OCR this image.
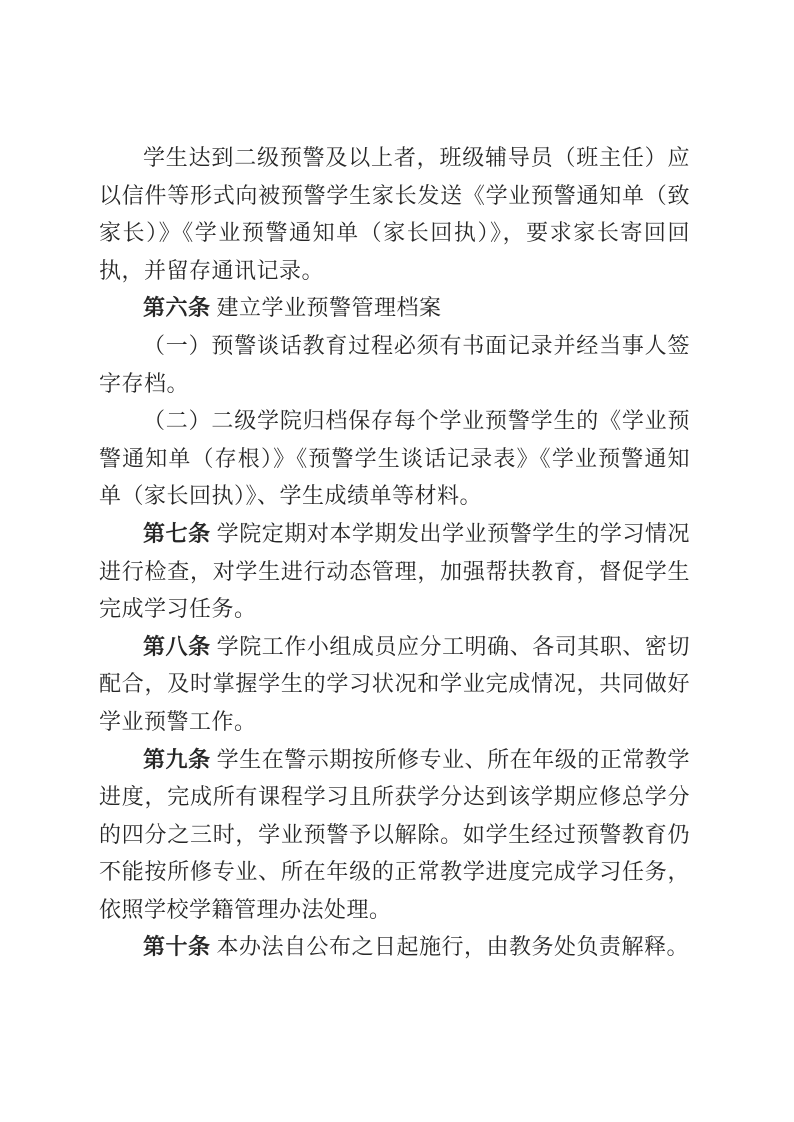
学生达到二级预警及以上者，班级辅导员（班主任）应以信件等形式向被预警学生家长发送《学业预警通知单（致家长）》《学业预警通知单（家长回执）》，要求家长寄回回执，并留存通讯记录。

第六条 建立学业预警管理档案

（一）预警谈话教育过程必须有书面记录并经当事人签字存档。

（二）二级学院归档保存每个学业预警学生的《学业预警通知单（存根）》《预警学生谈话记录表》《学业预警通知单（家长回执）》、学生成绩单等材料。

第七条 学院定期对本学期发出学业预警学生的学习情况进行检查，对学生进行动态管理，加强帮扶教育，督促学生完成学习任务。

第八条 学院工作小组成员应分工明确、各司其职、密切配合，及时掌握学生的学习状况和学业完成情况，共同做好学业预警工作。

第九条 学生在警示期按所修专业、所在年级的正常教学进度，完成所有课程学习且所获学分达到该学期应修总学分的四分之三时，学业预警予以解除。如学生经过预警教育仍不能按所修专业、所在年级的正常教学进度完成学习任务，依照学校学籍管理办法处理。

第十条 本办法自公布之日起施行，由教务处负责解释。
